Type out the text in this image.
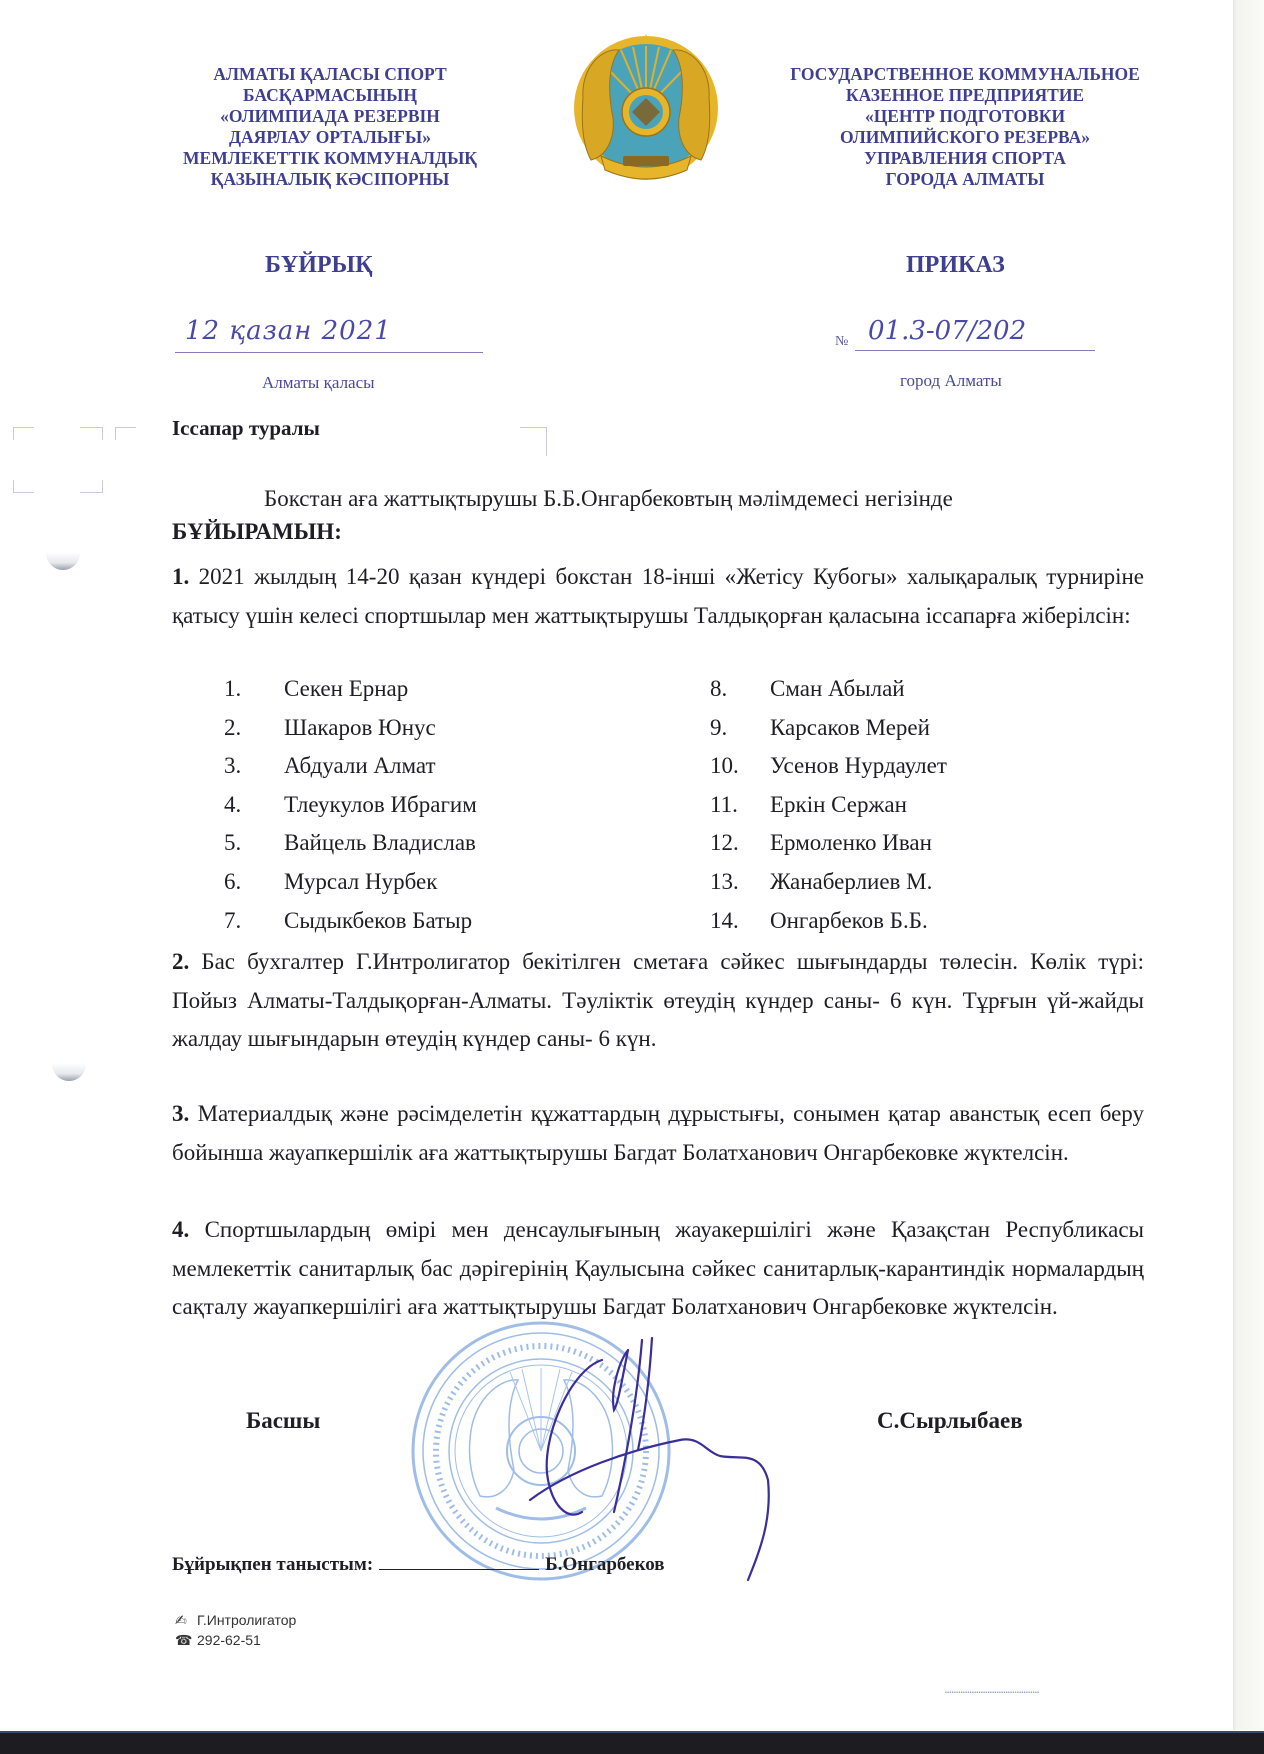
АЛМАТЫ ҚАЛАСЫ СПОРТ
БАСҚАРМАСЫНЫҢ
«ОЛИМПИАДА РЕЗЕРВІН
ДАЯРЛАУ ОРТАЛЫҒЫ»
МЕМЛЕКЕТТІК КОММУНАЛДЫҚ
ҚАЗЫНАЛЫҚ КӘСІПОРНЫ
ГОСУДАРСТВЕННОЕ КОММУНАЛЬНОЕ
КАЗЕННОЕ ПРЕДПРИЯТИЕ
«ЦЕНТР ПОДГОТОВКИ
ОЛИМПИЙСКОГО РЕЗЕРВА»
УПРАВЛЕНИЯ СПОРТА
ГОРОДА АЛМАТЫ
БҰЙРЫҚ	ПРИКАЗ
12 қазан 2021
Алматы қаласы
№ 01.3-07/202
город Алматы
Іссапар туралы
Бокстан аға жаттықтырушы Б.Б.Онгарбековтың мәлімдемесі негізінде
БҰЙЫРАМЫН:
1. 2021 жылдың 14-20 қазан күндері бокстан 18-інші «Жетісу Кубогы» халықаралық турниріне қатысу үшін келесі спортшылар мен жаттықтырушы Талдықорған қаласына іссапарға жіберілсін:
1. Секен Ернар
2. Шакаров Юнус
3. Абдуали Алмат
4. Тлеукулов Ибрагим
5. Вайцель Владислав
6. Мурсал Нурбек
7. Сыдыкбеков Батыр
8. Сман Абылай
9. Карсаков Мерей
10. Усенов Нурдаулет
11. Еркін Сержан
12. Ермоленко Иван
13. Жанаберлиев М.
14. Онгарбеков Б.Б.
2. Бас бухгалтер Г.Интролигатор бекітілген сметаға сәйкес шығындарды төлесін. Көлік түрі: Пойыз Алматы-Талдықорған-Алматы. Тәуліктік өтеудің күндер саны- 6 күн. Тұрғын үй-жайды жалдау шығындарын өтеудің күндер саны- 6 күн.
3. Материалдық және рәсімделетін құжаттардың дұрыстығы, сонымен қатар аванстық есеп беру бойынша жауапкершілік аға жаттықтырушы Багдат Болатханович Онгарбековке жүктелсін.
4. Спортшылардың өмірі мен денсаулығының жауакершілігі және Қазақстан Республикасы мемлекеттік санитарлық бас дәрігерінің Қаулысына сәйкес санитарлық-карантиндік нормалардың сақталу жауапкершілігі аға жаттықтырушы Багдат Болатханович Онгарбековке жүктелсін.
Басшы	С.Сырлыбаев
Бұйрықпен таныстым:	Б.Онгарбеков
✍ Г.Интролигатор
☎ 292-62-51
▪▪▪▪▪▪▪▪▪▪▪▪▪▪▪▪▪▪▪▪▪▪▪▪▪▪▪▪▪▪▪▪▪▪▪▪▪▪▪▪▪▪
